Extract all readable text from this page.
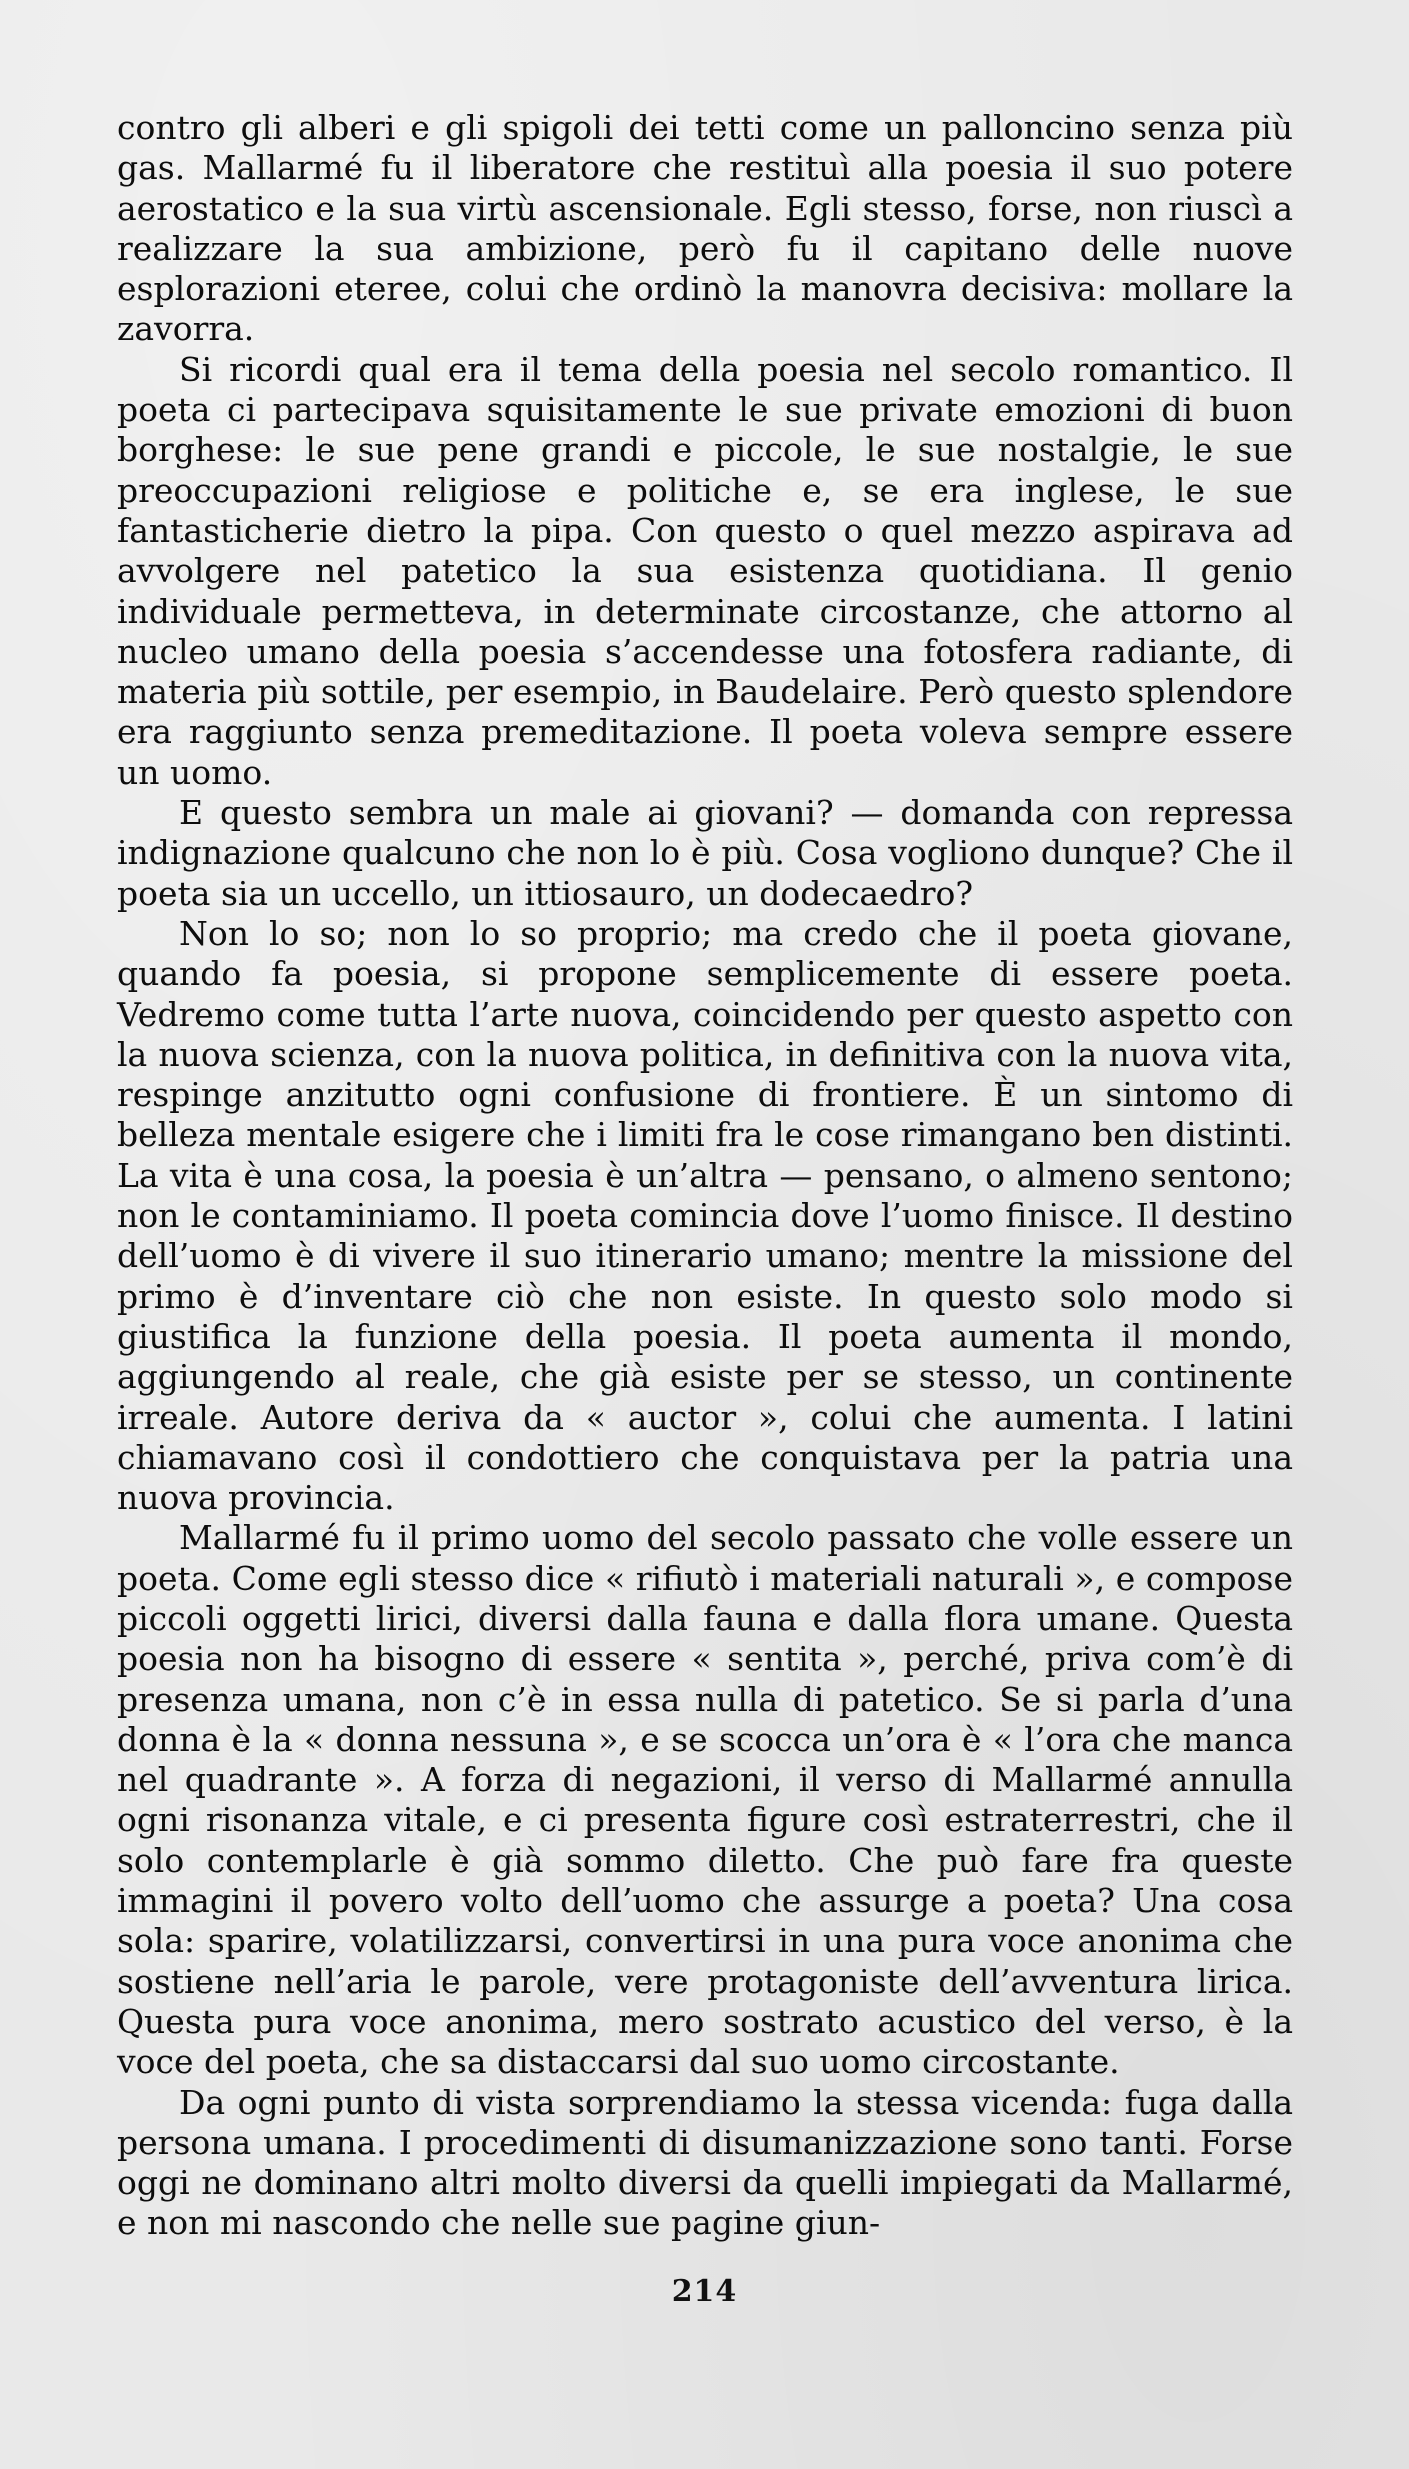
contro gli alberi e gli spigoli dei tetti come un palloncino senza più gas. Mallarmé fu il liberatore che restituì alla poesia il suo potere aerostatico e la sua virtù ascensionale. Egli stesso, forse, non riuscì a realizzare la sua ambizione, però fu il capitano delle nuove esplorazioni eteree, colui che ordinò la manovra decisiva: mollare la zavorra.

Si ricordi qual era il tema della poesia nel secolo romantico. Il poeta ci partecipava squisitamente le sue private emozioni di buon borghese: le sue pene grandi e piccole, le sue nostalgie, le sue preoccupazioni religiose e politiche e, se era inglese, le sue fantasticherie dietro la pipa. Con questo o quel mezzo aspirava ad avvolgere nel patetico la sua esistenza quotidiana. Il genio individuale permetteva, in determinate circostanze, che attorno al nucleo umano della poesia s’accendesse una fotosfera radiante, di materia più sottile, per esempio, in Baudelaire. Però questo splendore era raggiunto senza premeditazione. Il poeta voleva sempre essere un uomo.

E questo sembra un male ai giovani? — domanda con repressa indignazione qualcuno che non lo è più. Cosa vogliono dunque? Che il poeta sia un uccello, un ittiosauro, un dodecaedro?

Non lo so; non lo so proprio; ma credo che il poeta giovane, quando fa poesia, si propone semplicemente di essere poeta. Vedremo come tutta l’arte nuova, coincidendo per questo aspetto con la nuova scienza, con la nuova politica, in definitiva con la nuova vita, respinge anzitutto ogni confusione di frontiere. È un sintomo di belleza mentale esigere che i limiti fra le cose rimangano ben distinti. La vita è una cosa, la poesia è un’altra — pensano, o almeno sentono; non le contaminiamo. Il poeta comincia dove l’uomo finisce. Il destino dell’uomo è di vivere il suo itinerario umano; mentre la missione del primo è d’inventare ciò che non esiste. In questo solo modo si giustifica la funzione della poesia. Il poeta aumenta il mondo, aggiungendo al reale, che già esiste per se stesso, un continente irreale. Autore deriva da « auctor », colui che aumenta. I latini chiamavano così il condottiero che conquistava per la patria una nuova provincia.

Mallarmé fu il primo uomo del secolo passato che volle essere un poeta. Come egli stesso dice « rifiutò i materiali naturali », e compose piccoli oggetti lirici, diversi dalla fauna e dalla flora umane. Questa poesia non ha bisogno di essere « sentita », perché, priva com’è di presenza umana, non c’è in essa nulla di patetico. Se si parla d’una donna è la « donna nessuna », e se scocca un’ora è « l’ora che manca nel quadrante ». A forza di negazioni, il verso di Mallarmé annulla ogni risonanza vitale, e ci presenta figure così estraterrestri, che il solo contemplarle è già sommo diletto. Che può fare fra queste immagini il povero volto dell’uomo che assurge a poeta? Una cosa sola: sparire, volatilizzarsi, convertirsi in una pura voce anonima che sostiene nell’aria le parole, vere protagoniste dell’avventura lirica. Questa pura voce anonima, mero sostrato acustico del verso, è la voce del poeta, che sa distaccarsi dal suo uomo circostante.

Da ogni punto di vista sorprendiamo la stessa vicenda: fuga dalla persona umana. I procedimenti di disumanizzazione sono tanti. Forse oggi ne dominano altri molto diversi da quelli impiegati da Mallarmé, e non mi nascondo che nelle sue pagine giun-

214
